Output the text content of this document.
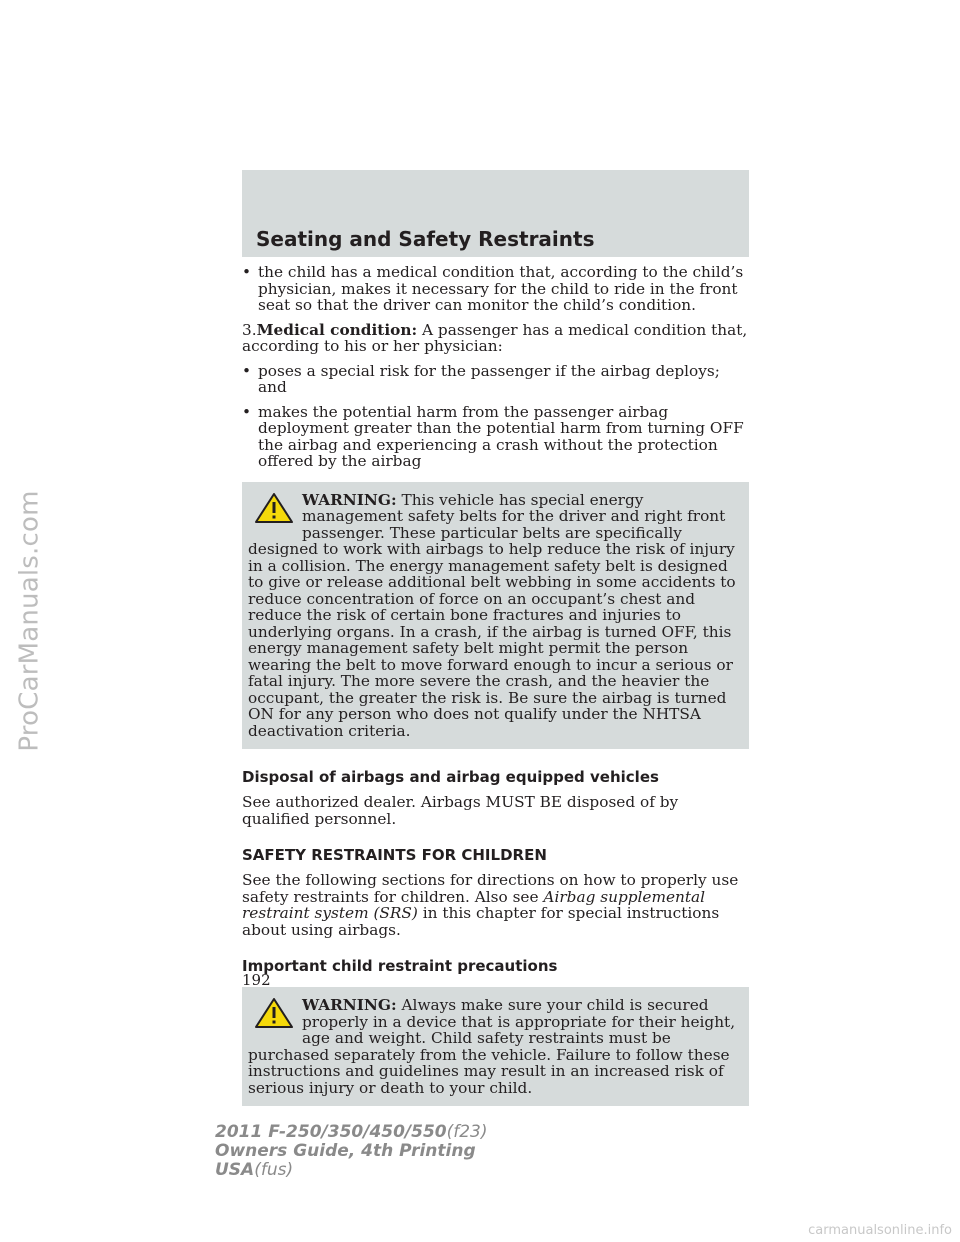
ProCarManuals.com
Seating and Safety Restraints
• the child has a medical condition that, according to the child’s physician, makes it necessary for the child to ride in the front seat so that the driver can monitor the child’s condition.

3.Medical condition: A passenger has a medical condition that, according to his or her physician:

• poses a special risk for the passenger if the airbag deploys; and
• makes the potential harm from the passenger airbag deployment greater than the potential harm from turning OFF the airbag and experiencing a crash without the protection offered by the airbag
WARNING: This vehicle has special energy management safety belts for the driver and right front passenger. These particular belts are specifically designed to work with airbags to help reduce the risk of injury in a collision. The energy management safety belt is designed to give or release additional belt webbing in some accidents to reduce concentration of force on an occupant’s chest and reduce the risk of certain bone fractures and injuries to underlying organs. In a crash, if the airbag is turned OFF, this energy management safety belt might permit the person wearing the belt to move forward enough to incur a serious or fatal injury. The more severe the crash, and the heavier the occupant, the greater the risk is. Be sure the airbag is turned ON for any person who does not qualify under the NHTSA deactivation criteria.
Disposal of airbags and airbag equipped vehicles

See authorized dealer. Airbags MUST BE disposed of by qualified personnel.

SAFETY RESTRAINTS FOR CHILDREN

See the following sections for directions on how to properly use safety restraints for children. Also see Airbag supplemental restraint system (SRS) in this chapter for special instructions about using airbags.

Important child restraint precautions
WARNING: Always make sure your child is secured properly in a device that is appropriate for their height, age and weight. Child safety restraints must be purchased separately from the vehicle. Failure to follow these instructions and guidelines may result in an increased risk of serious injury or death to your child.
192
2011 F-250/350/450/550(f23)
Owners Guide, 4th Printing
USA(fus)
carmanualsonline.info
